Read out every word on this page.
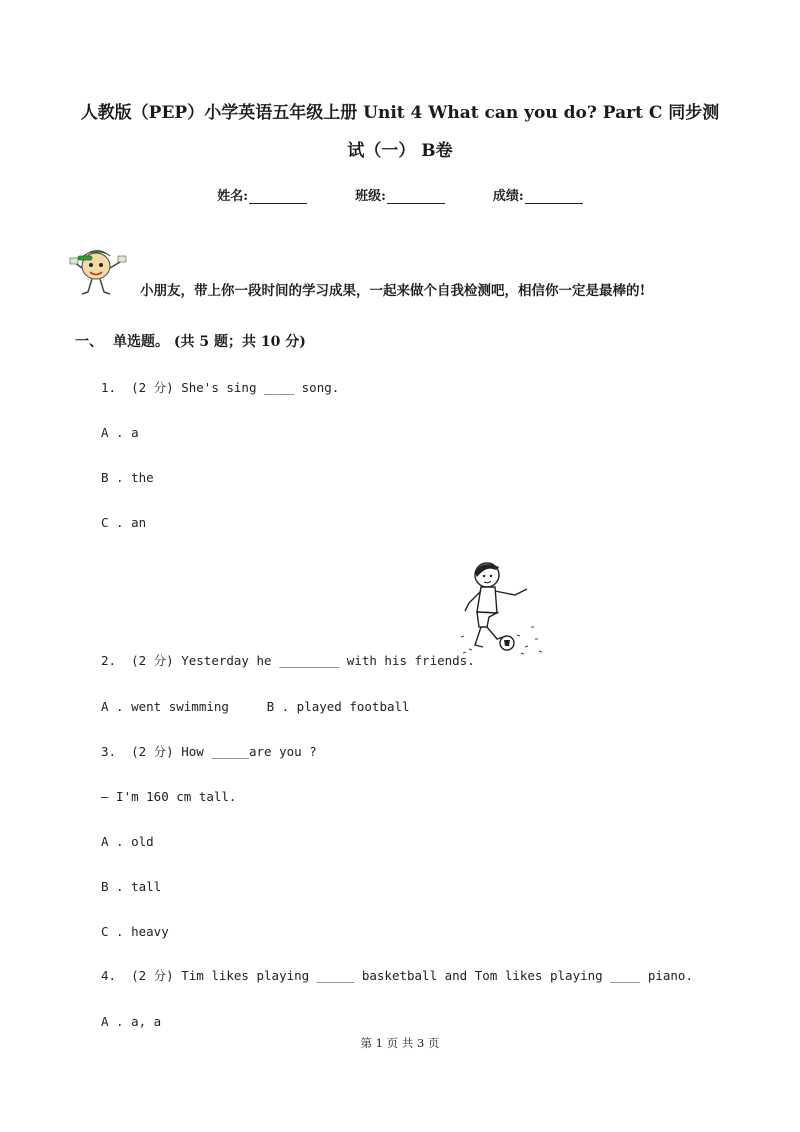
人教版（PEP）小学英语五年级上册 Unit 4 What can you do? Part C 同步测
试（一） B卷
姓名:	班级:	成绩:
小朋友，带上你一段时间的学习成果，一起来做个自我检测吧，相信你一定是最棒的!
一、 单选题。 (共 5 题；共 10 分)
1.  (2 分) She's sing ____ song.
A . a
B . the
C . an
2.  (2 分) Yesterday he ________ with his friends.
A . went swimming     B . played football
3.  (2 分) How _____are you ?
— I'm 160 cm tall.
A . old
B . tall
C . heavy
4.  (2 分) Tim likes playing _____ basketball and Tom likes playing ____ piano.
A . a, a
第 1 页 共 3 页
